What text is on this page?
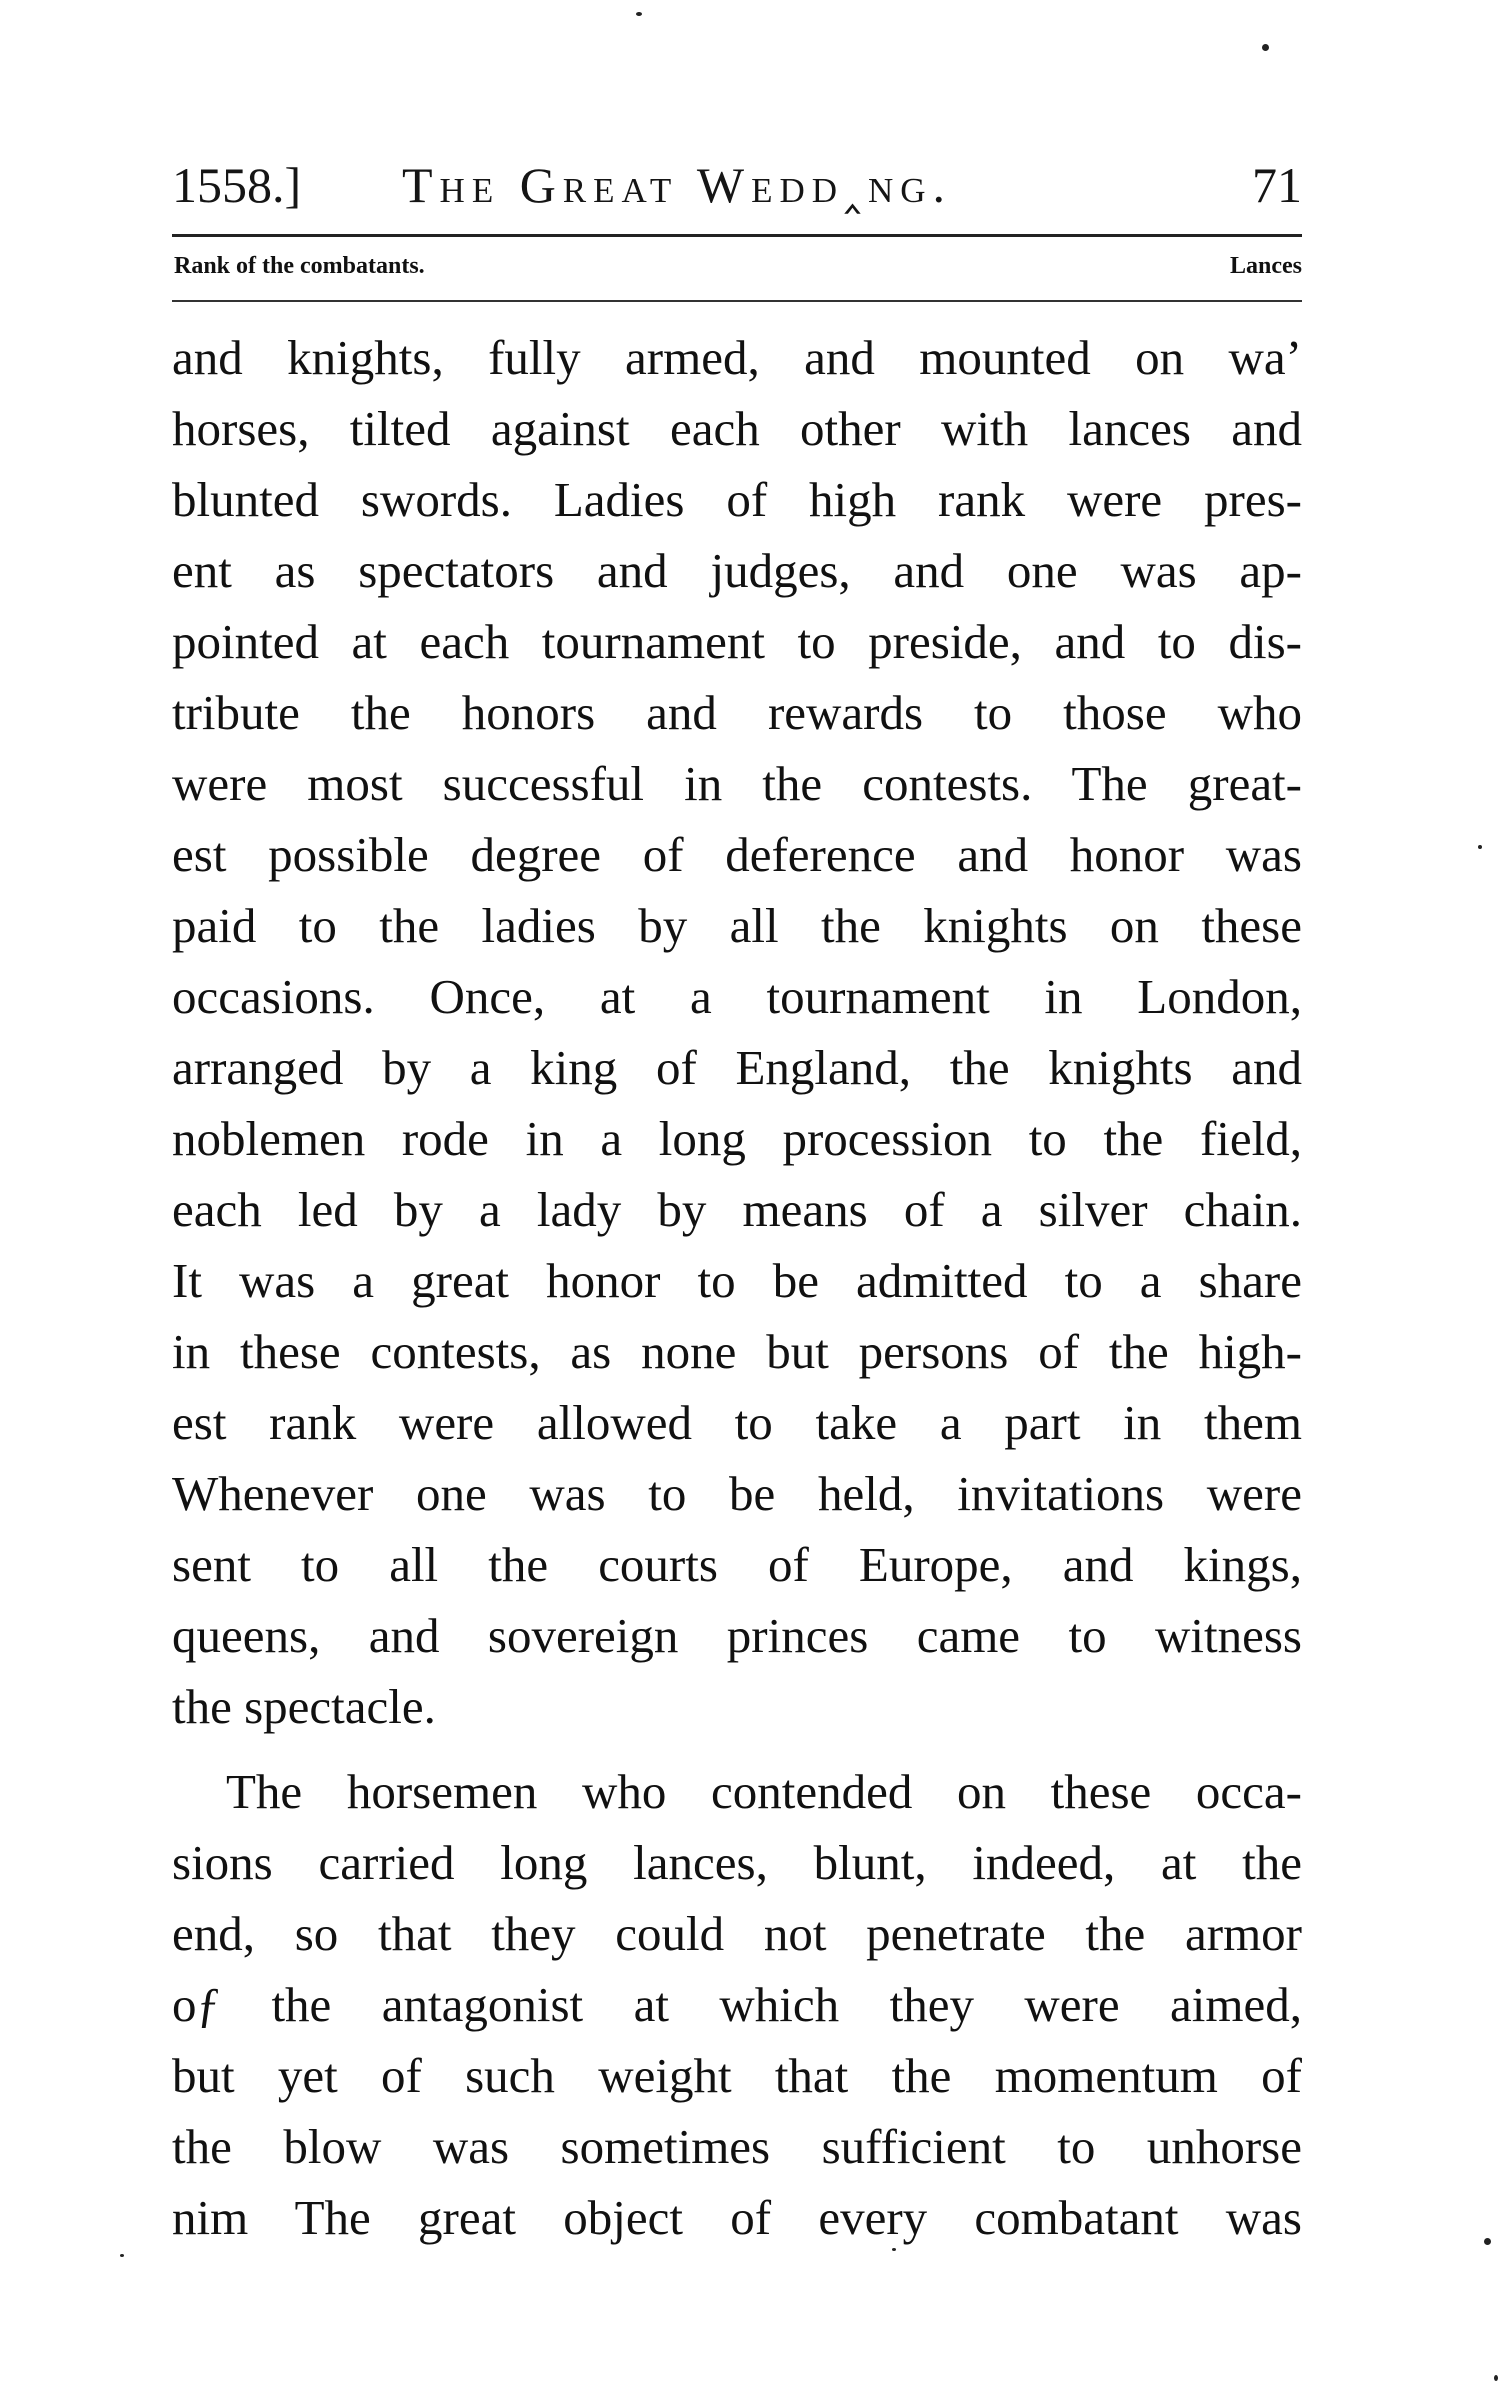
1558.] The Great Wedd‸ng.	71
Rank of the combatants.	Lances
and knights, fully armed, and mounted on waʼ
horses, tilted against each other with lances and
blunted swords. Ladies of high rank were pres-
ent as spectators and judges, and one was ap-
pointed at each tournament to preside, and to dis-
tribute the honors and rewards to those who
were most successful in the contests. The great-
est possible degree of deference and honor was
paid to the ladies by all the knights on these
occasions. Once, at a tournament in London,
arranged by a king of England, the knights and
noblemen rode in a long procession to the field,
each led by a lady by means of a silver chain.
It was a great honor to be admitted to a share
in these contests, as none but persons of the high-
est rank were allowed to take a part in them
Whenever one was to be held, invitations were
sent to all the courts of Europe, and kings,
queens, and sovereign princes came to witness
the spectacle.
The horsemen who contended on these occa-
sions carried long lances, blunt, indeed, at the
end, so that they could not penetrate the armor
oƒ the antagonist at which they were aimed,
but yet of such weight that the momentum of
the blow was sometimes sufficient to unhorse
nim The great object of every combatant was
